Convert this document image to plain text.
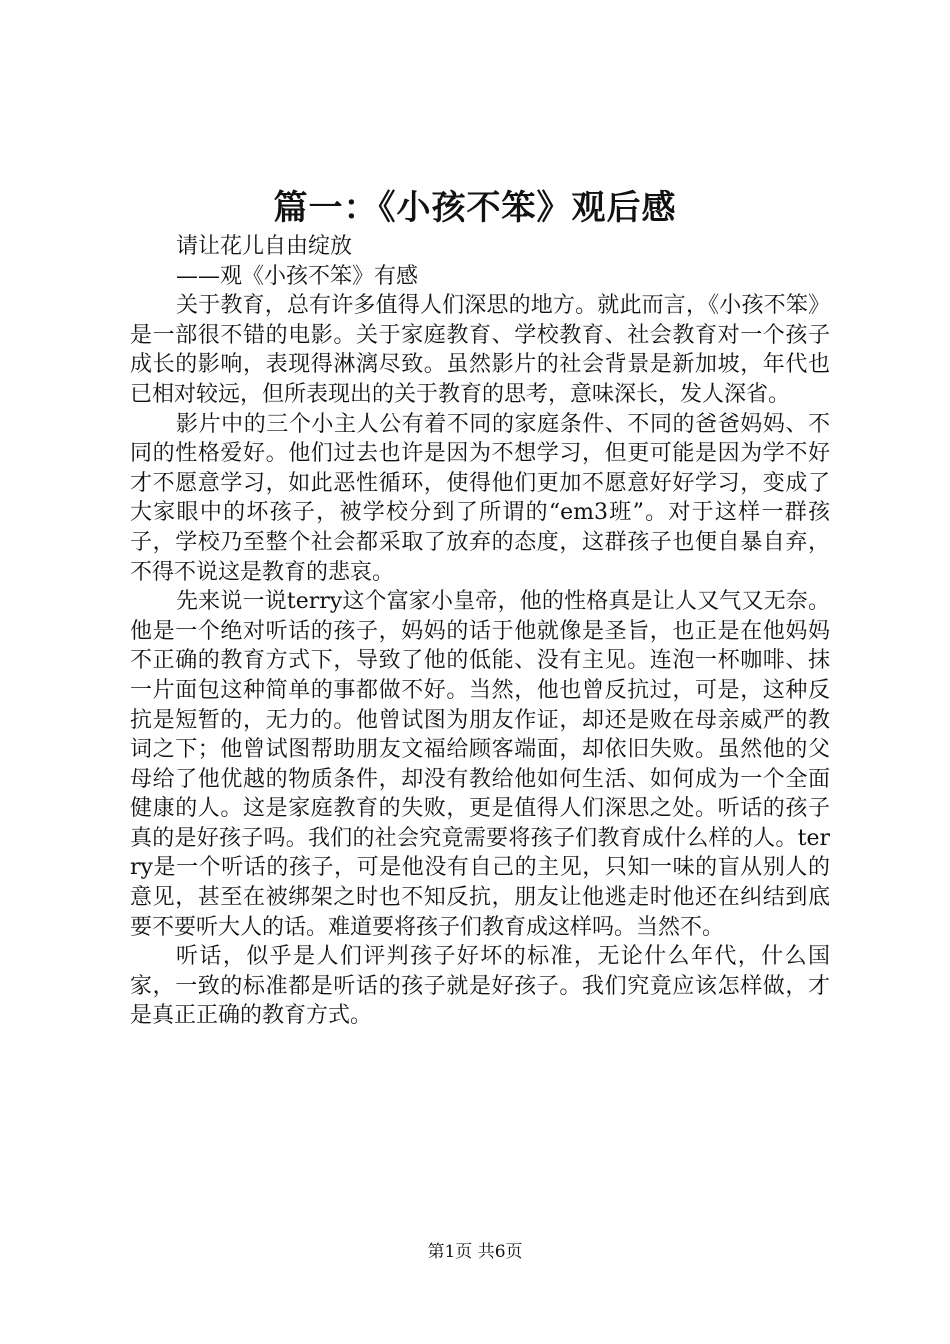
篇一：《小孩不笨》观后感

请让花儿自由绽放

——观《小孩不笨》有感

关于教育，总有许多值得人们深思的地方。就此而言，《小孩不笨》是一部很不错的电影。关于家庭教育、学校教育、社会教育对一个孩子成长的影响，表现得淋漓尽致。虽然影片的社会背景是新加坡，年代也已相对较远，但所表现出的关于教育的思考，意味深长，发人深省。

影片中的三个小主人公有着不同的家庭条件、不同的爸爸妈妈、不同的性格爱好。他们过去也许是因为不想学习，但更可能是因为学不好才不愿意学习，如此恶性循环，使得他们更加不愿意好好学习，变成了大家眼中的坏孩子，被学校分到了所谓的“em3班”。对于这样一群孩子，学校乃至整个社会都采取了放弃的态度，这群孩子也便自暴自弃，不得不说这是教育的悲哀。

先来说一说terry这个富家小皇帝，他的性格真是让人又气又无奈。他是一个绝对听话的孩子，妈妈的话于他就像是圣旨，也正是在他妈妈不正确的教育方式下，导致了他的低能、没有主见。连泡一杯咖啡、抹一片面包这种简单的事都做不好。当然，他也曾反抗过，可是，这种反抗是短暂的，无力的。他曾试图为朋友作证，却还是败在母亲威严的教词之下；他曾试图帮助朋友文福给顾客端面，却依旧失败。虽然他的父母给了他优越的物质条件，却没有教给他如何生活、如何成为一个全面健康的人。这是家庭教育的失败，更是值得人们深思之处。听话的孩子真的是好孩子吗。我们的社会究竟需要将孩子们教育成什么样的人。terry是一个听话的孩子，可是他没有自己的主见，只知一味的盲从别人的意见，甚至在被绑架之时也不知反抗，朋友让他逃走时他还在纠结到底要不要听大人的话。难道要将孩子们教育成这样吗。当然不。

听话，似乎是人们评判孩子好坏的标准，无论什么年代，什么国家，一致的标准都是听话的孩子就是好孩子。我们究竟应该怎样做，才是真正正确的教育方式。

第1页 共6页
